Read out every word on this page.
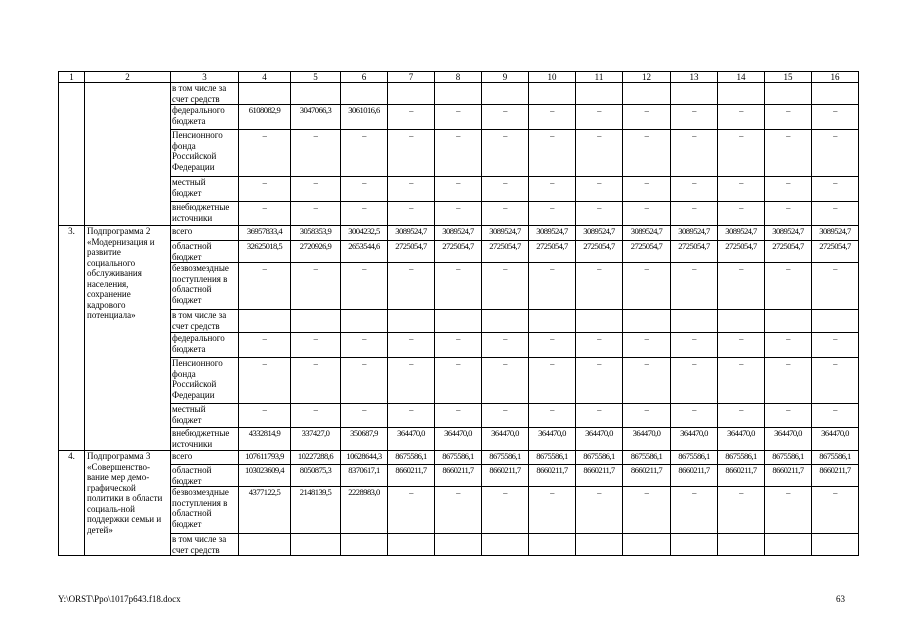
1	2	3	4	5	6	7	8	9	10	11	12	13	14	15	16
		в том числе за счет средств													
		федерального бюджета	6108082,9	3047066,3	3061016,6	–	–	–	–	–	–	–	–	–	–
		Пенсионного фонда Российской Федерации	–	–	–	–	–	–	–	–	–	–	–	–	–
		местный бюджет	–	–	–	–	–	–	–	–	–	–	–	–	–
		внебюджетные источники	–	–	–	–	–	–	–	–	–	–	–	–	–
3.	Подпрограмма 2 «Модернизация и развитие социального обслуживания населения, сохранение кадрового потенциала»	всего	36957833,4	3058353,9	3004232,5	3089524,7	3089524,7	3089524,7	3089524,7	3089524,7	3089524,7	3089524,7	3089524,7	3089524,7	3089524,7
		областной бюджет	32625018,5	2720926,9	2653544,6	2725054,7	2725054,7	2725054,7	2725054,7	2725054,7	2725054,7	2725054,7	2725054,7	2725054,7	2725054,7
		безвозмездные поступления в областной бюджет	–	–	–	–	–	–	–	–	–	–	–	–	–
		в том числе за счет средств													
		федерального бюджета	–	–	–	–	–	–	–	–	–	–	–	–	–
		Пенсионного фонда Российской Федерации	–	–	–	–	–	–	–	–	–	–	–	–	–
		местный бюджет	–	–	–	–	–	–	–	–	–	–	–	–	–
		внебюджетные источники	4332814,9	337427,0	350687,9	364470,0	364470,0	364470,0	364470,0	364470,0	364470,0	364470,0	364470,0	364470,0	364470,0
4.	Подпрограмма 3 «Совершенство-вание мер демо-графической политики в области социаль-ной поддержки семьи и детей»	всего	107611793,9	10227288,6	10628644,3	8675586,1	8675586,1	8675586,1	8675586,1	8675586,1	8675586,1	8675586,1	8675586,1	8675586,1	8675586,1
		областной бюджет	103023609,4	8050875,3	8370617,1	8660211,7	8660211,7	8660211,7	8660211,7	8660211,7	8660211,7	8660211,7	8660211,7	8660211,7	8660211,7
		безвозмездные поступления в областной бюджет	4377122,5	2148139,5	2228983,0	–	–	–	–	–	–	–	–	–	–
		в том числе за счет средств													
Y:\ORST\Ppo\1017p643.f18.docx	63
